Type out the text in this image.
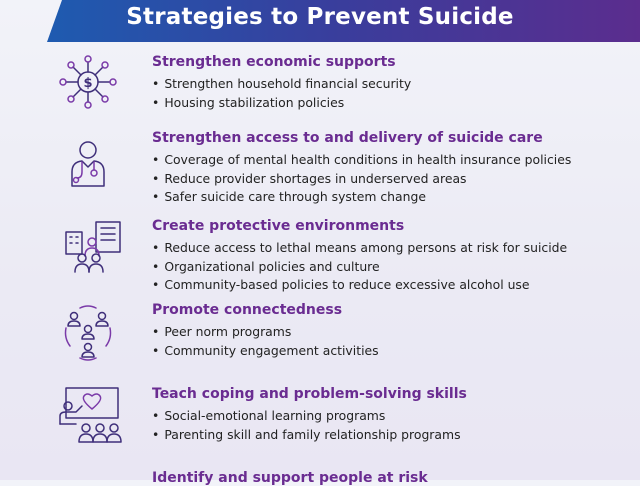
Strategies to Prevent Suicide
$
Strengthen economic supports
• Strengthen household financial security
• Housing stabilization policies
Strengthen access to and delivery of suicide care
• Coverage of mental health conditions in health insurance policies
• Reduce provider shortages in underserved areas
• Safer suicide care through system change
Create protective environments
• Reduce access to lethal means among persons at risk for suicide
• Organizational policies and culture
• Community-based policies to reduce excessive alcohol use
Promote connectedness
• Peer norm programs
• Community engagement activities
Teach coping and problem-solving skills
• Social-emotional learning programs
• Parenting skill and family relationship programs
Identify and support people at risk
